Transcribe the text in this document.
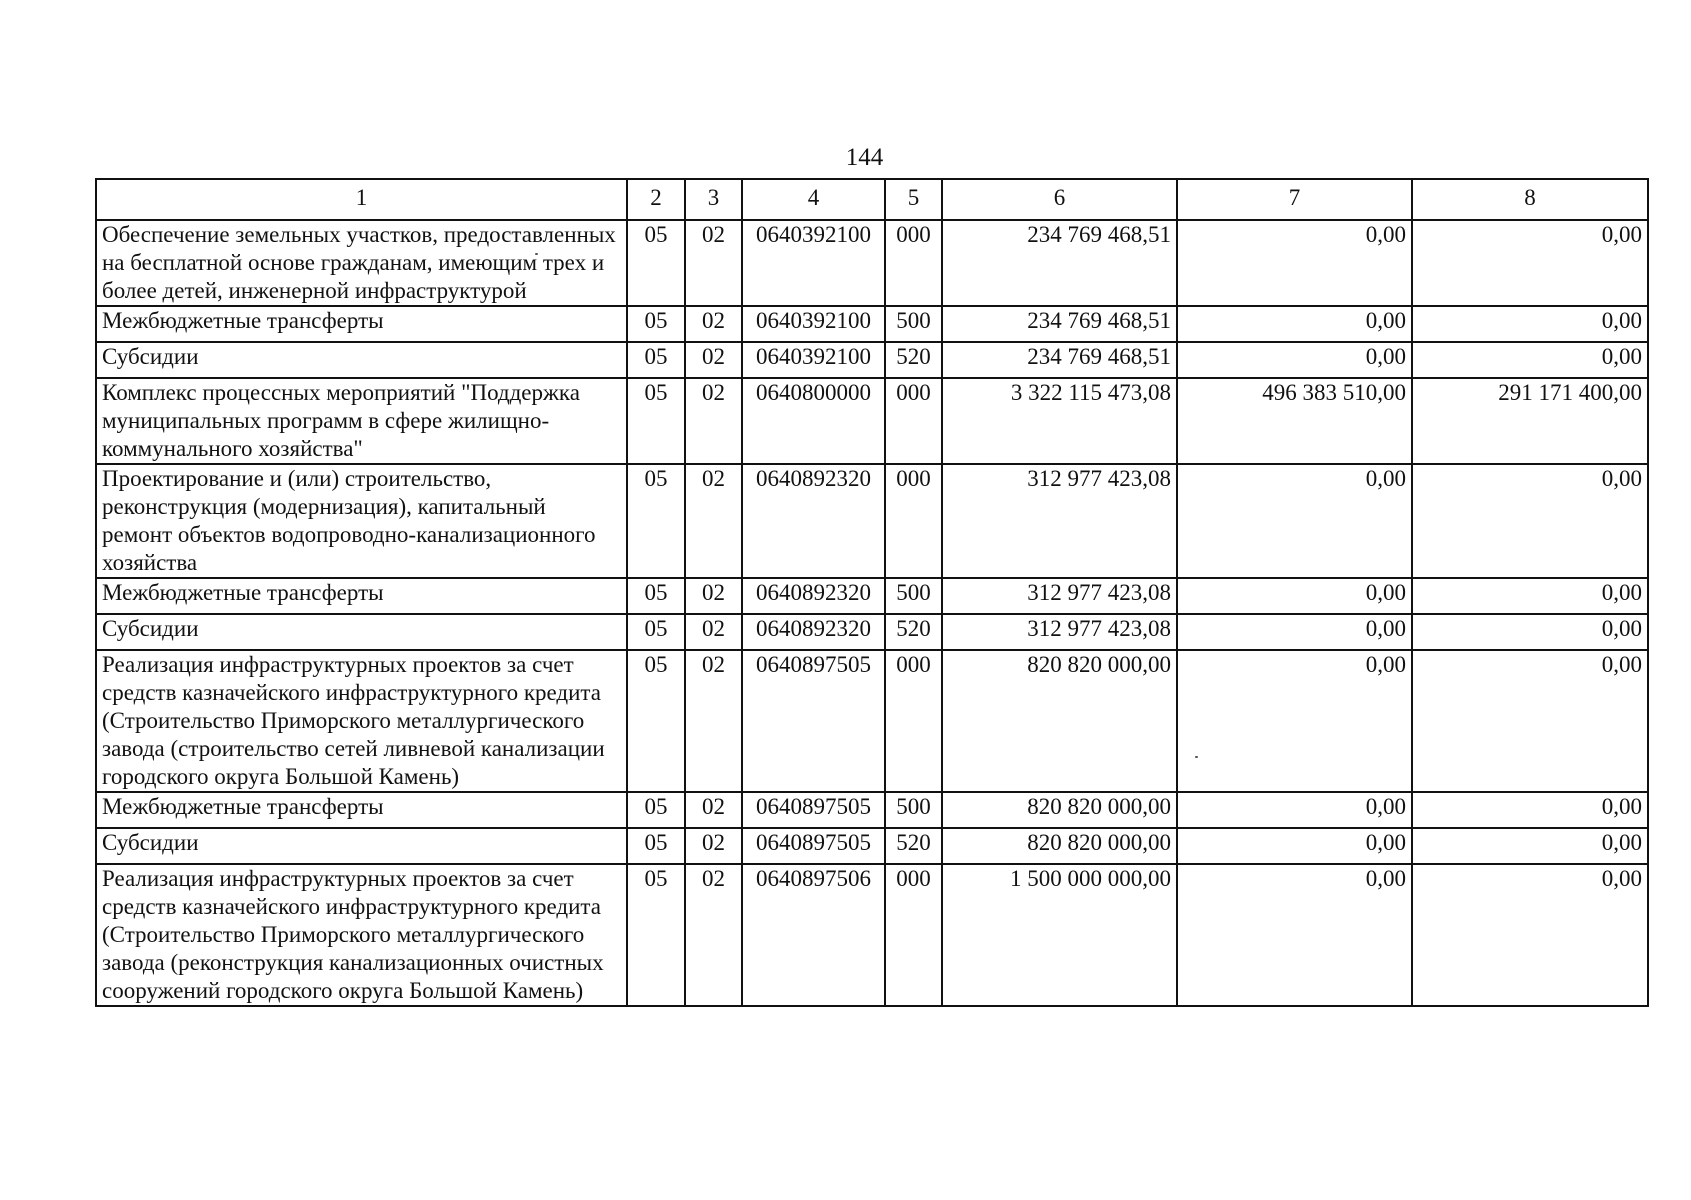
144
1	2	3	4	5	6	7	8
Обеспечение земельных участков, предоставленных на бесплатной основе гражданам, имеющим трех и более детей, инженерной инфраструктурой	05	02	0640392100	000	234 769 468,51	0,00	0,00
Межбюджетные трансферты	05	02	0640392100	500	234 769 468,51	0,00	0,00
Субсидии	05	02	0640392100	520	234 769 468,51	0,00	0,00
Комплекс процессных мероприятий "Поддержка муниципальных программ в сфере жилищно-коммунального хозяйства"	05	02	0640800000	000	3 322 115 473,08	496 383 510,00	291 171 400,00
Проектирование и (или) строительство, реконструкция (модернизация), капитальный ремонт объектов водопроводно-канализационного хозяйства	05	02	0640892320	000	312 977 423,08	0,00	0,00
Межбюджетные трансферты	05	02	0640892320	500	312 977 423,08	0,00	0,00
Субсидии	05	02	0640892320	520	312 977 423,08	0,00	0,00
Реализация инфраструктурных проектов за счет средств казначейского инфраструктурного кредита (Строительство Приморского металлургического завода (строительство сетей ливневой канализации городского округа Большой Камень)	05	02	0640897505	000	820 820 000,00	0,00	0,00
Межбюджетные трансферты	05	02	0640897505	500	820 820 000,00	0,00	0,00
Субсидии	05	02	0640897505	520	820 820 000,00	0,00	0,00
Реализация инфраструктурных проектов за счет средств казначейского инфраструктурного кредита (Строительство Приморского металлургического завода (реконструкция канализационных очистных сооружений городского округа Большой Камень)	05	02	0640897506	000	1 500 000 000,00	0,00	0,00
